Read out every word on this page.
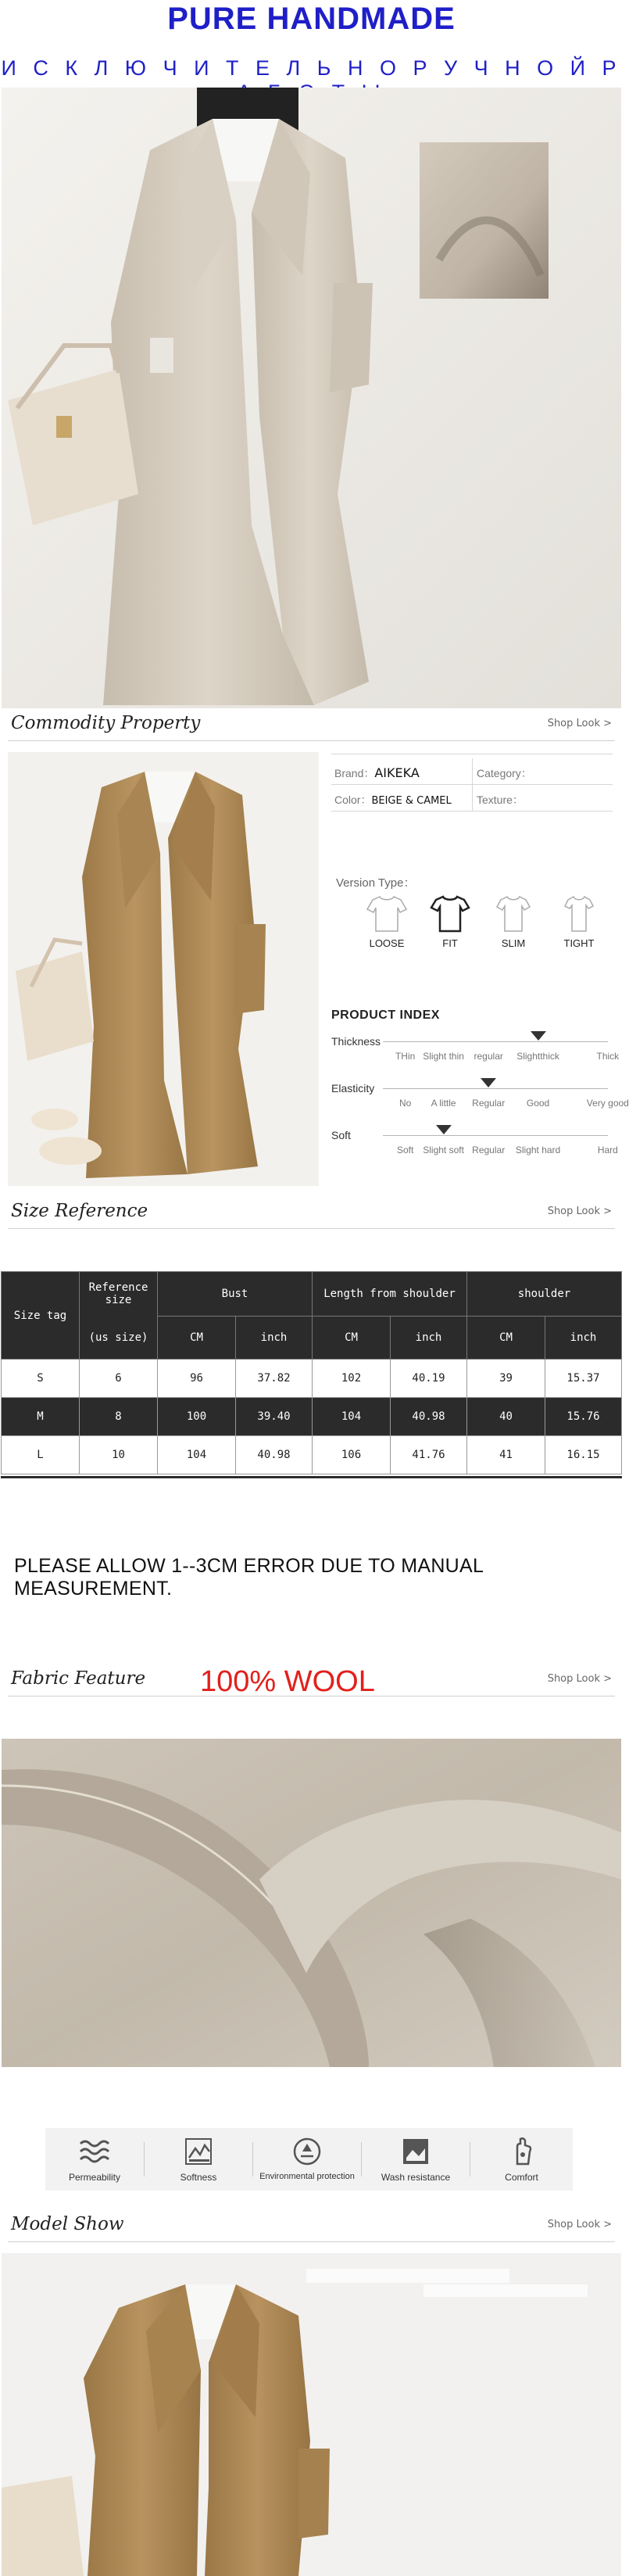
PURE HANDMADE
И С К Л Ю Ч И Т Е Л Ь Н О Р У Ч Н О Й Р
Commodity Property	Shop Look >
Brand：AIKEKA	Category：
Color：BEIGE & CAMEL Texture：
Version Type：
LOOSE	FIT	SLIM	TIGHT
PRODUCT INDEX
Thickness
THin Slight thin regular Slightthick	Thick
Elasticity
No A little Regular Good	Very good
Soft
Soft Slight soft Regular Slight hard	Hard
Size Reference	Shop Look >
Size tag	Reference size	Bust		Length from shoulder		shoulder	
	(us size)	CM	inch	CM	inch	CM	inch
S	6	96	37.82	102	40.19	39	15.37
M	8	100	39.40	104	40.98	40	15.76
L	10	104	40.98	106	41.76	41	16.15
PLEASE ALLOW 1--3CM ERROR DUE TO MANUAL MEASUREMENT.
Fabric Feature	Shop Look >
100% WOOL
Permeability	Softness	Environmental protection	Wash resistance	Comfort
Model Show	Shop Look >
